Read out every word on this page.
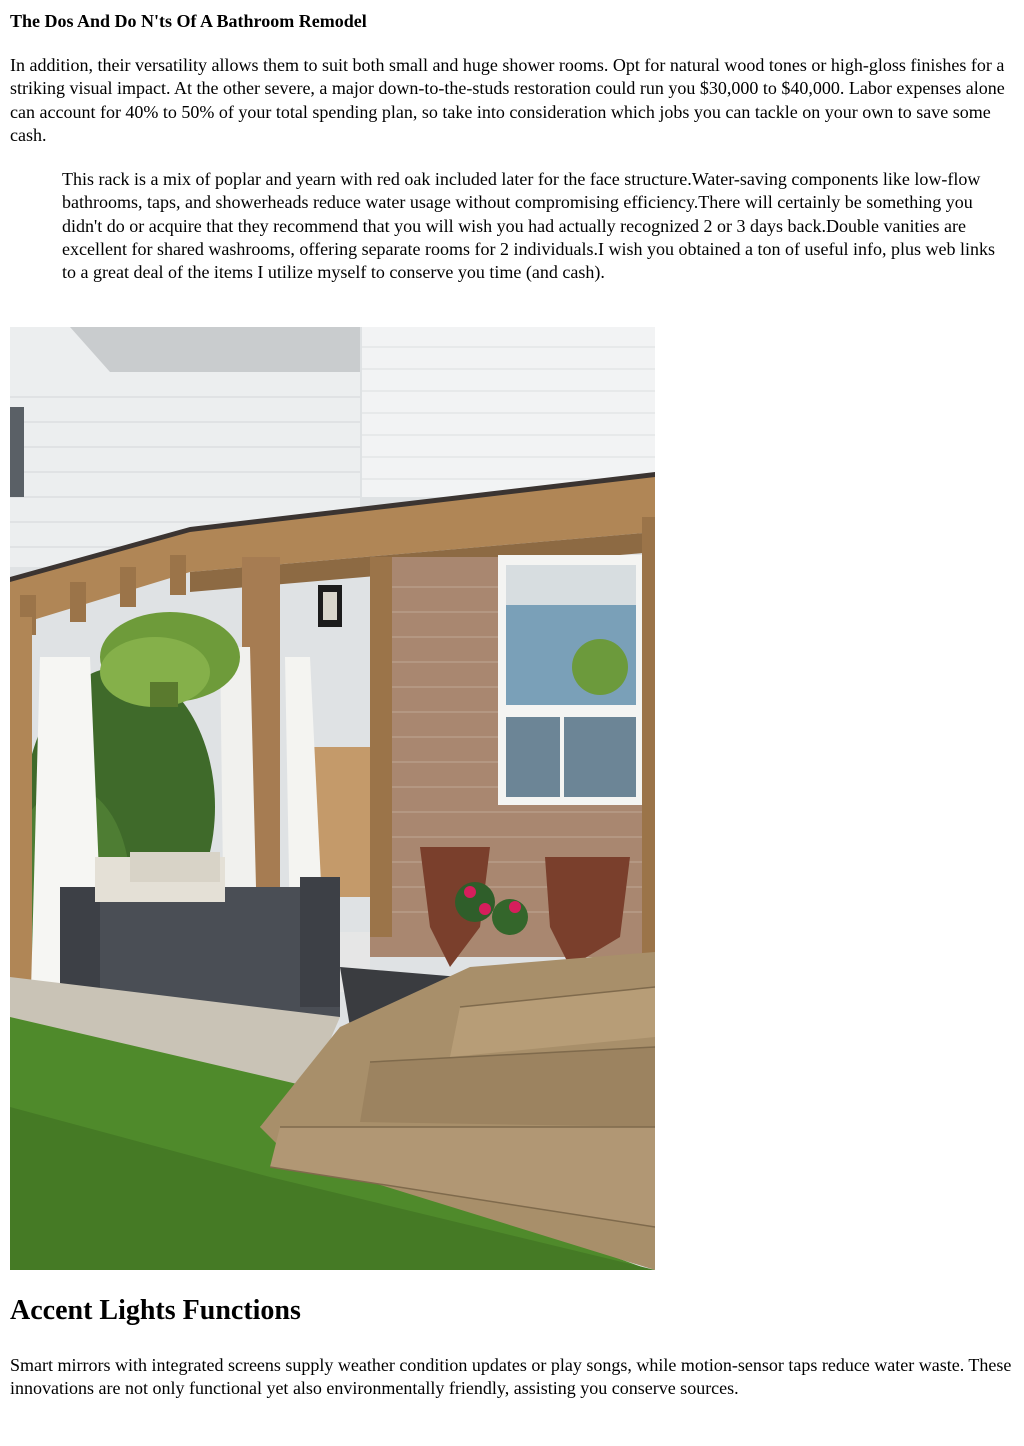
The Dos And Do N'ts Of A Bathroom Remodel

In addition, their versatility allows them to suit both small and huge shower rooms. Opt for natural wood tones or high-gloss finishes for a striking visual impact. At the other severe, a major down-to-the-studs restoration could run you $30,000 to $40,000. Labor expenses alone can account for 40% to 50% of your total spending plan, so take into consideration which jobs you can tackle on your own to save some cash.

This rack is a mix of poplar and yearn with red oak included later for the face structure.Water-saving components like low-flow bathrooms, taps, and showerheads reduce water usage without compromising efficiency.There will certainly be something you didn't do or acquire that they recommend that you will wish you had actually recognized 2 or 3 days back.Double vanities are excellent for shared washrooms, offering separate rooms for 2 individuals.I wish you obtained a ton of useful info, plus web links to a great deal of the items I utilize myself to conserve you time (and cash).
Accent Lights Functions

Smart mirrors with integrated screens supply weather condition updates or play songs, while motion-sensor taps reduce water waste. These innovations are not only functional yet also environmentally friendly, assisting you conserve sources.
